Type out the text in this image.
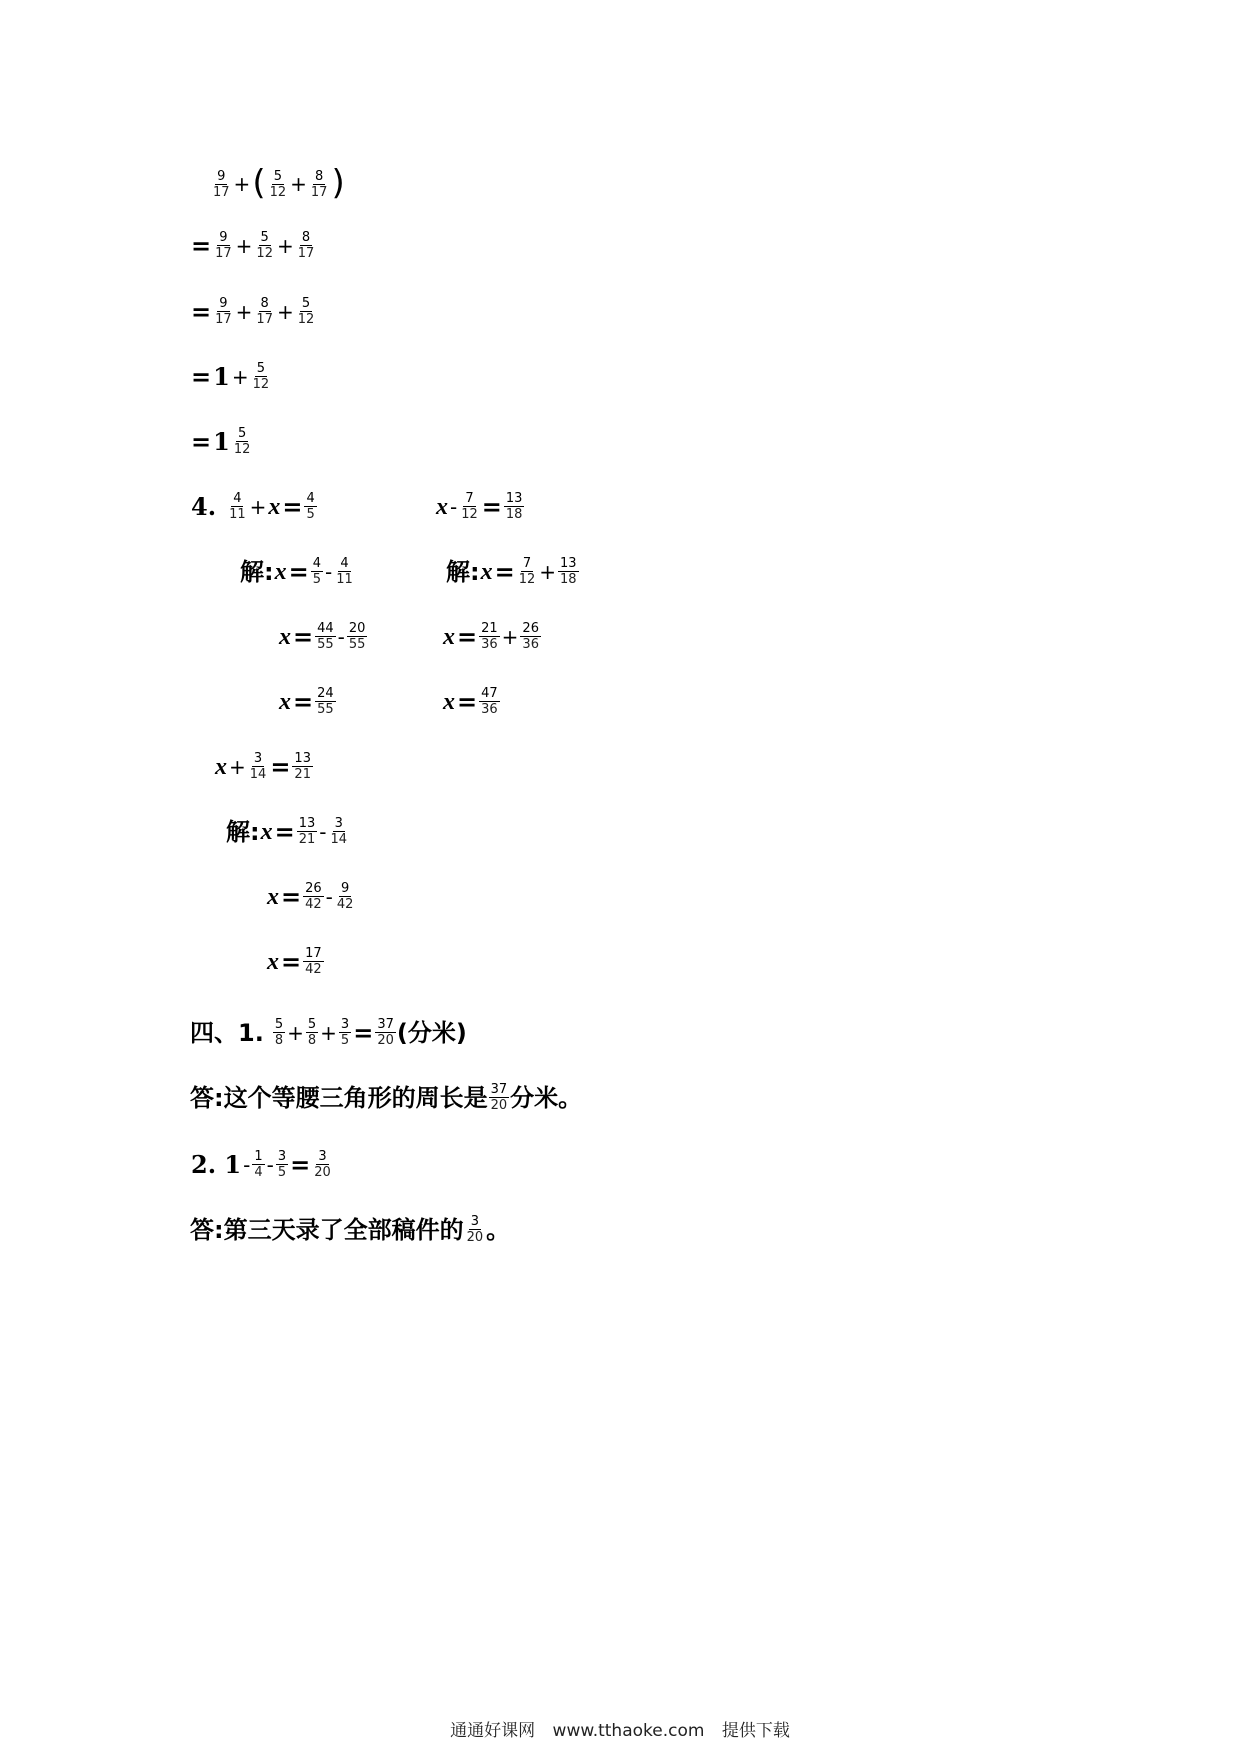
$\frac{9}{17}$ + ( $\frac{5}{12} + \frac{8}{17}$ )
= $\frac{9}{17} + \frac{5}{12} + \frac{8}{17}$
= $\frac{9}{17} + \frac{8}{17} + \frac{5}{12}$
= $1 + \frac{5}{12}$
= $1 \frac{5}{12}$
4. $\frac{4}{11} + x = \frac{4}{5}$	$x - \frac{7}{12} = \frac{13}{18}$
解: $x = \frac{4}{5} - \frac{4}{11}$	解: $x = \frac{7}{12} + \frac{13}{18}$
$x = \frac{44}{55} - \frac{20}{55}$	$x = \frac{21}{36} + \frac{26}{36}$
$x = \frac{24}{55}$	$x = \frac{47}{36}$
$x + \frac{3}{14} = \frac{13}{21}$
解: $x = \frac{13}{21} - \frac{3}{14}$
$x = \frac{26}{42} - \frac{9}{42}$
$x = \frac{17}{42}$
四、1. $\frac{5}{8} + \frac{5}{8} + \frac{3}{5} = \frac{37}{20}$ (分米)
答:这个等腰三角形的周长是 $\frac{37}{20}$ 分米。
2. $1 - \frac{1}{4} - \frac{3}{5} = \frac{3}{20}$
答:第三天录了全部稿件的 $\frac{3}{20}$ 。
通通好课网 www.tthaoke.com 提供下载
